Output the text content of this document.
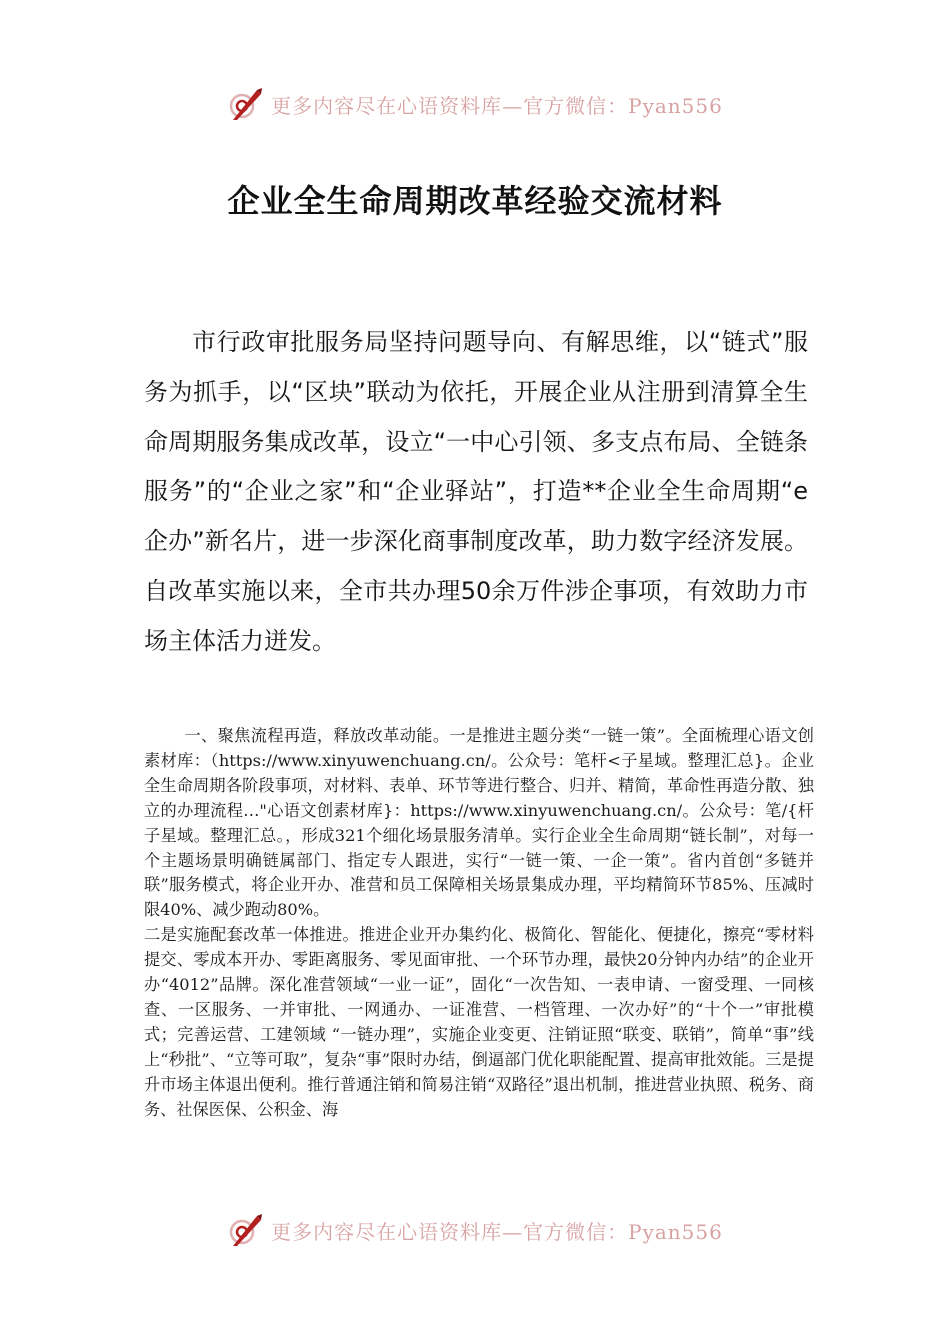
更多内容尽在心语资料库—官方微信：Pyan556
企业全生命周期改革经验交流材料

市行政审批服务局坚持问题导向、有解思维，以“链式”服务为抓手，以“区块”联动为依托，开展企业从注册到清算全生命周期服务集成改革，设立“一中心引领、多支点布局、全链条服务”的“企业之家”和“企业驿站”，打造**企业全生命周期“e企办”新名片，进一步深化商事制度改革，助力数字经济发展。自改革实施以来，全市共办理50余万件涉企事项，有效助力市场主体活力迸发。

一、聚焦流程再造，释放改革动能。一是推进主题分类“一链一策”。全面梳理心语文创素材库：（https://www.xinyuwenchuang.cn/。公众号：笔杆<子星域。整理汇总}。企业全生命周期各阶段事项，对材料、表单、环节等进行整合、归并、精简，革命性再造分散、独立的办理流程…"心语文创素材库}：https://www.xinyuwenchuang.cn/。公众号：笔/{杆子星域。整理汇总。，形成321个细化场景服务清单。实行企业全生命周期“链长制”，对每一个主题场景明确链属部门、指定专人跟进，实行“一链一策、一企一策”。省内首创“多链并联”服务模式，将企业开办、准营和员工保障相关场景集成办理，平均精简环节85%、压减时限40%、减少跑动80%。

二是实施配套改革一体推进。推进企业开办集约化、极简化、智能化、便捷化，擦亮“零材料提交、零成本开办、零距离服务、零见面审批、一个环节办理，最快20分钟内办结”的企业开办“4012”品牌。深化准营领域“一业一证”，固化“一次告知、一表申请、一窗受理、一同核查、一区服务、一并审批、一网通办、一证准营、一档管理、一次办好”的“十个一”审批模式；完善运营、工建领域 “一链办理”，实施企业变更、注销证照“联变、联销”，简单“事”线上“秒批”、“立等可取”，复杂“事”限时办结，倒逼部门优化职能配置、提高审批效能。三是提升市场主体退出便利。推行普通注销和简易注销“双路径”退出机制，推进营业执照、税务、商务、社保医保、公积金、海

更多内容尽在心语资料库—官方微信：Pyan556
